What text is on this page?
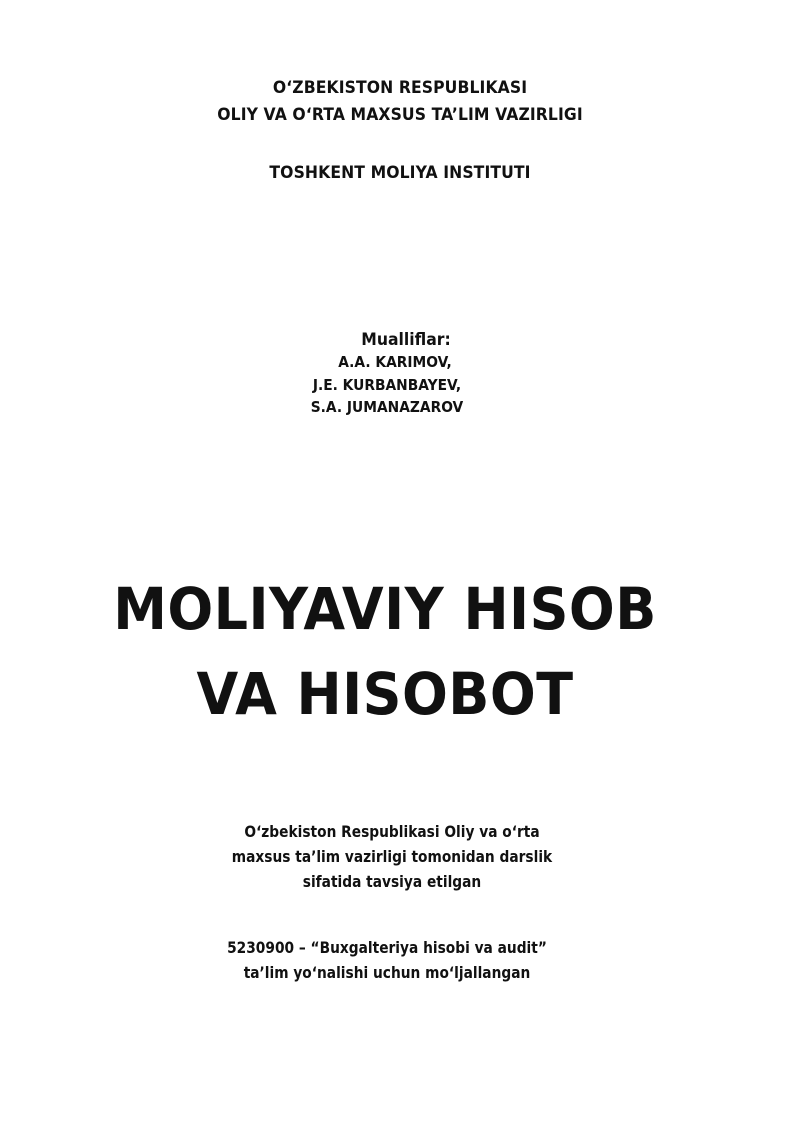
O‘ZBEKISTON RESPUBLIKASI
OLIY VA O‘RTA MAXSUS TA’LIM VAZIRLIGI
TOSHKENT MOLIYA INSTITUTI
Mualliflar:
A.A. KARIMOV,
J.E. KURBANBAYEV,
S.A. JUMANAZAROV
MOLIYAVIY HISOB
VA HISOBOT
O‘zbekiston Respublikasi Oliy va o‘rta
maxsus ta’lim vazirligi tomonidan darslik
sifatida tavsiya etilgan
5230900 – “Buxgalteriya hisobi va audit”
ta’lim yo‘nalishi uchun mo‘ljallangan
